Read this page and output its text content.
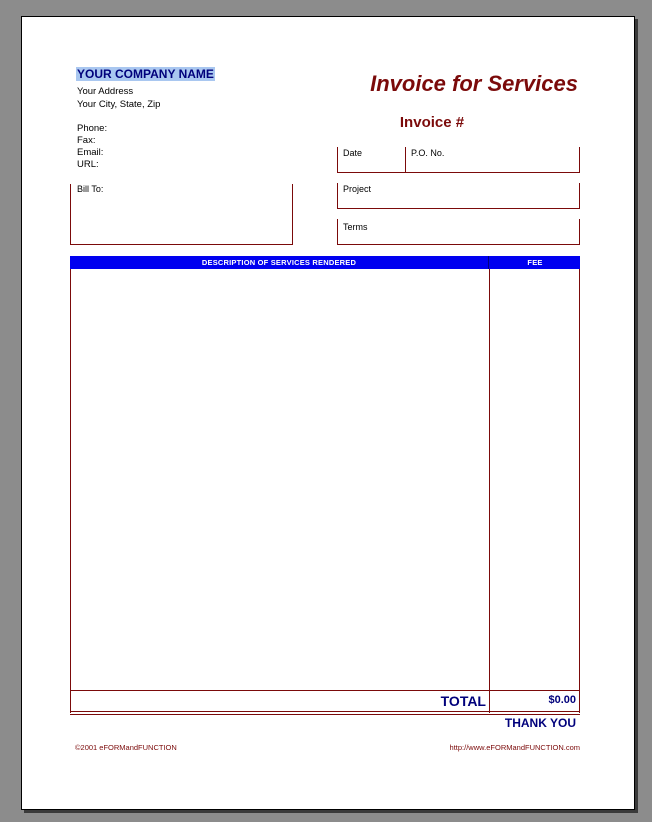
YOUR COMPANY NAME
Your Address
Your City, State, Zip
Phone:
Fax:
Email:
URL:
Invoice for Services
Invoice #
Date	P.O. No.
Project
Terms
Bill To:
DESCRIPTION OF SERVICES RENDERED	FEE
TOTAL	$0.00
THANK YOU
©2001 eFORMandFUNCTION	http://www.eFORMandFUNCTION.com
